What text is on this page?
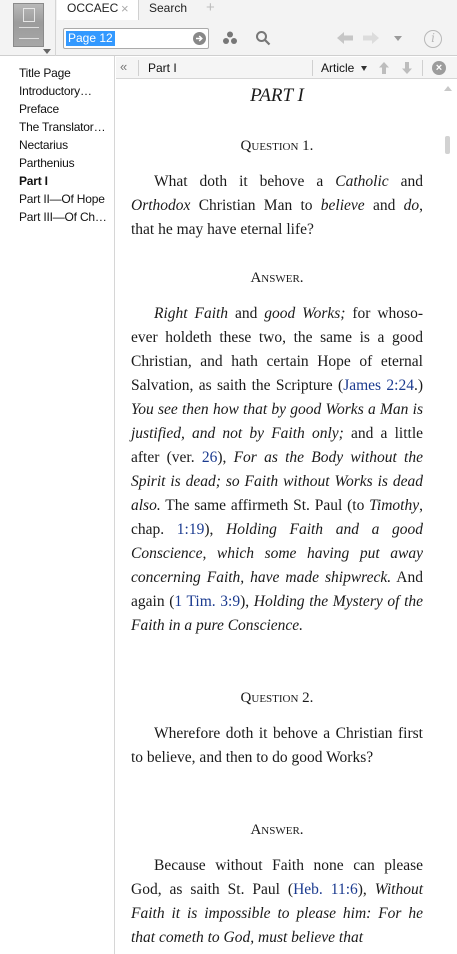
OCCAEC × Search	+
Page 12	i
Title Page
Introductory…
Preface
The Translator…
Nectarius
Parthenius
Part I
Part II—Of Hope
Part III—Of Ch…
« Part I	Article	×
PART I
Question 1.
What doth it behove a Catholic and Orthodox Christian Man to believe and do, that he may have eternal life?
Answer.
Right Faith and good Works; for whoso-ever holdeth these two, the same is a good Christian, and hath certain Hope of eternal Salvation, as saith the Scripture (James 2:24.) You see then how that by good Works a Man is justified, and not by Faith only; and a little after (ver. 26), For as the Body without the Spirit is dead; so Faith without Works is dead also. The same affirmeth St. Paul (to Timothy, chap. 1:19), Holding Faith and a good Conscience, which some having put away concerning Faith, have made shipwreck. And again (1 Tim. 3:9), Holding the Mystery of the Faith in a pure Conscience.
Question 2.
Wherefore doth it behove a Christian first to believe, and then to do good Works?
Answer.
Because without Faith none can please God, as saith St. Paul (Heb. 11:6), Without Faith it is impossible to please him: For he that cometh to God, must believe that
